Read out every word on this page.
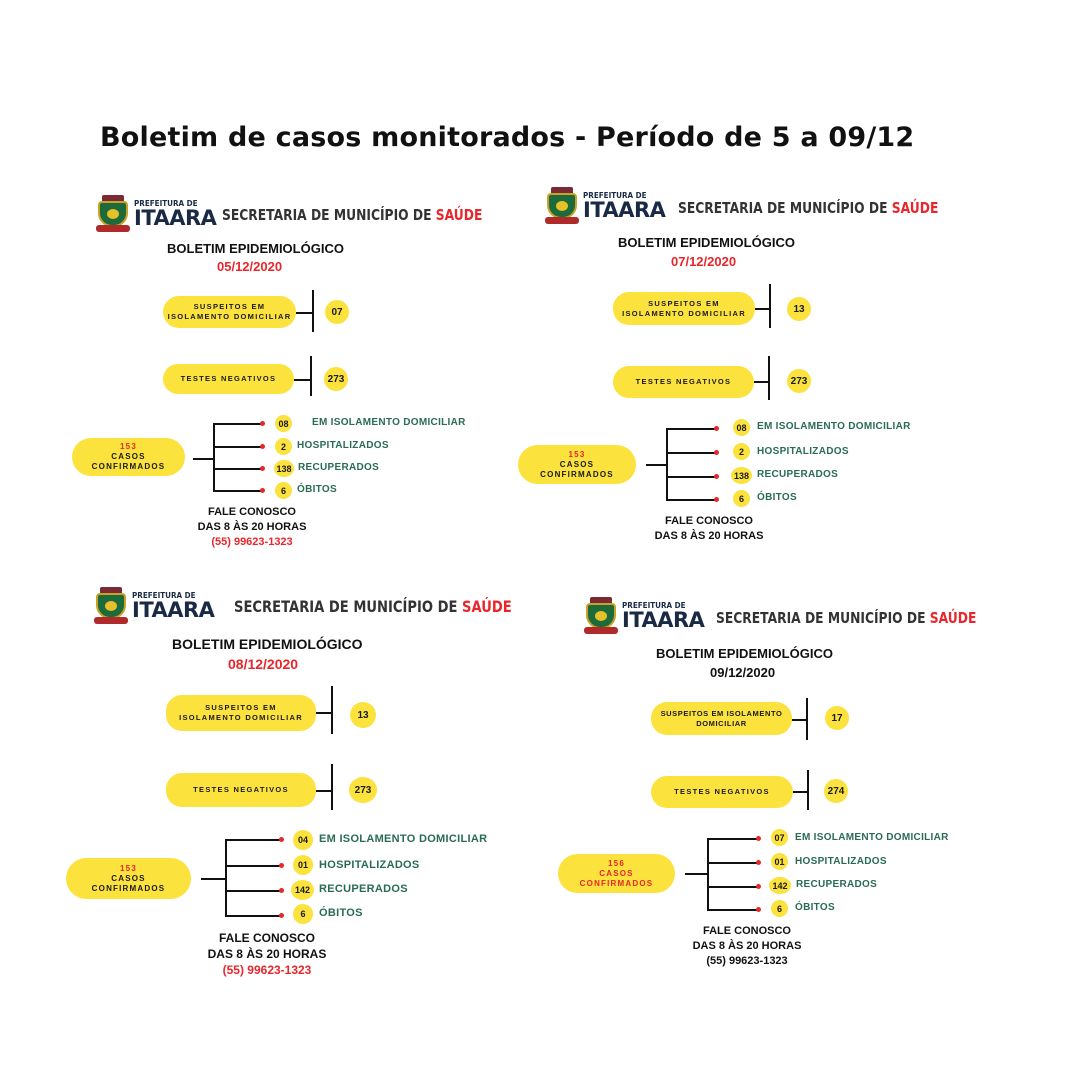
Boletim de casos monitorados - Período de 5 a 09/12
PREFEITURA DE
ITAARA SECRETARIA DE MUNICÍPIO DE SAÚDE
BOLETIM EPIDEMIOLÓGICO
05/12/2020
SUSPEITOS EM
ISOLAMENTO DOMICILIAR	07
TESTES NEGATIVOS	273
153
CASOS
CONFIRMADOS
08	EM ISOLAMENTO DOMICILIAR
2	HOSPITALIZADOS
138 RECUPERADOS
6	ÓBITOS
FALE CONOSCO
DAS 8 ÀS 20 HORAS
(55) 99623-1323
PREFEITURA DE
ITAARA SECRETARIA DE MUNICÍPIO DE SAÚDE
BOLETIM EPIDEMIOLÓGICO
07/12/2020
SUSPEITOS EM
ISOLAMENTO DOMICILIAR	13
TESTES NEGATIVOS	273
153
CASOS
CONFIRMADOS
08	EM ISOLAMENTO DOMICILIAR
2	HOSPITALIZADOS
138 RECUPERADOS
6	ÓBITOS
FALE CONOSCO
DAS 8 ÀS 20 HORAS
PREFEITURA DE
ITAARA SECRETARIA DE MUNICÍPIO DE SAÚDE
BOLETIM EPIDEMIOLÓGICO
08/12/2020
SUSPEITOS EM
ISOLAMENTO DOMICILIAR	13
TESTES NEGATIVOS	273
153
CASOS
CONFIRMADOS
04	EM ISOLAMENTO DOMICILIAR
01	HOSPITALIZADOS
142 RECUPERADOS
6	ÓBITOS
FALE CONOSCO
DAS 8 ÀS 20 HORAS
(55) 99623-1323
PREFEITURA DE
ITAARA SECRETARIA DE MUNICÍPIO DE SAÚDE
BOLETIM EPIDEMIOLÓGICO
09/12/2020
SUSPEITOS EM ISOLAMENTO
DOMICILIAR	17
TESTES NEGATIVOS	274
156
CASOS
CONFIRMADOS
07	EM ISOLAMENTO DOMICILIAR
01	HOSPITALIZADOS
142 RECUPERADOS
6	ÓBITOS
FALE CONOSCO
DAS 8 ÀS 20 HORAS
(55) 99623-1323
